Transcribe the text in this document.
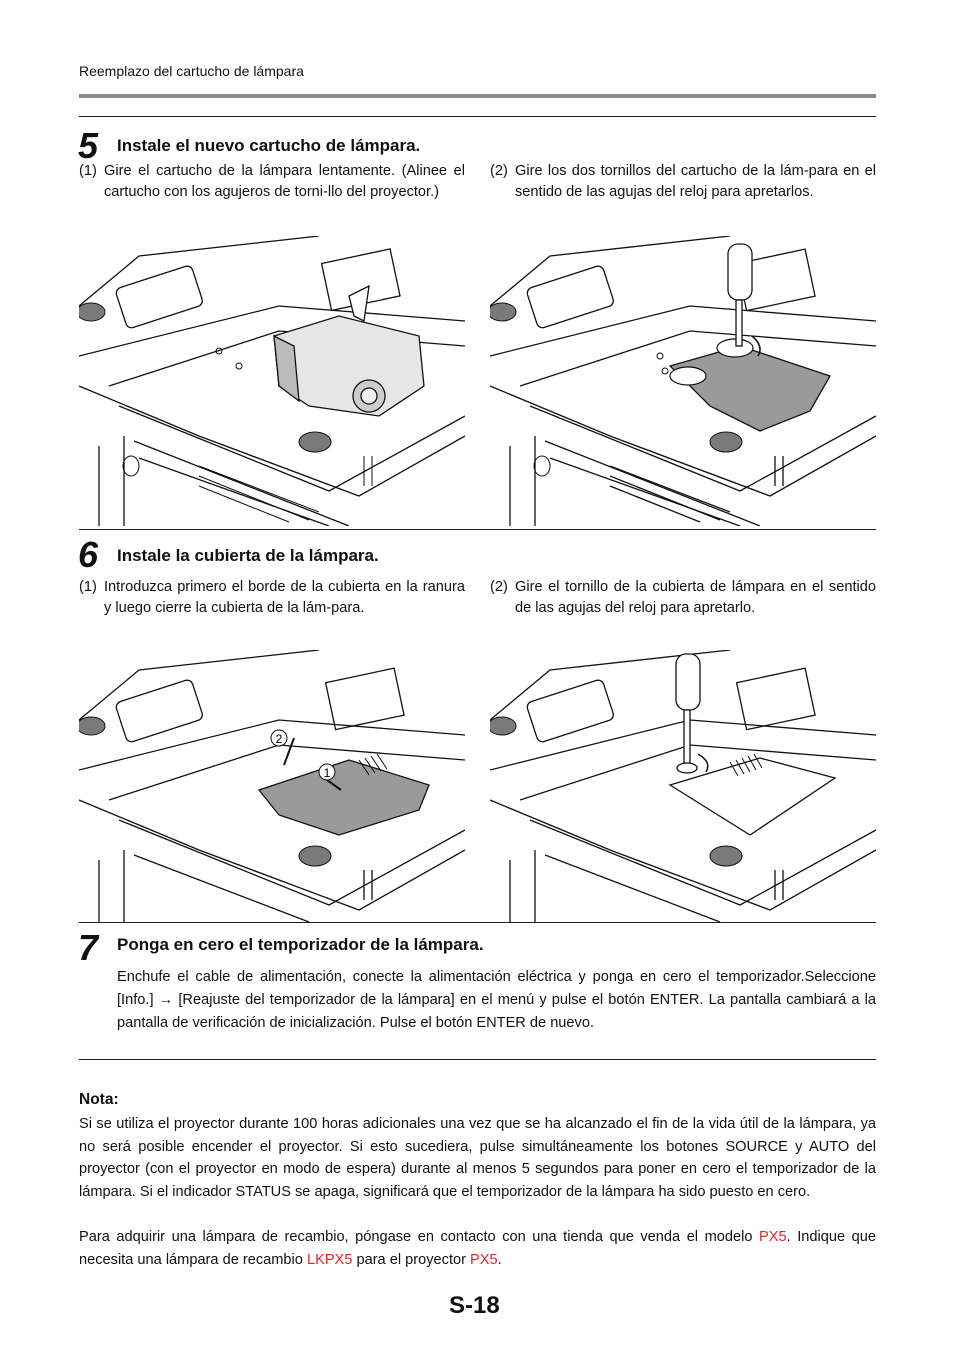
Reemplazo del cartucho de lámpara
5 Instale el nuevo cartucho de lámpara.
(1) Gire el cartucho de la lámpara lentamente. (Alinee el cartucho con los agujeros de torni-llo del proyector.)
(2) Gire los dos tornillos del cartucho de la lám-para en el sentido de las agujas del reloj para apretarlos.
6 Instale la cubierta de la lámpara.
(1) Introduzca primero el borde de la cubierta en la ranura y luego cierre la cubierta de la lám-para.
(2) Gire el tornillo de la cubierta de lámpara en el sentido de las agujas del reloj para apretarlo.
2
1
7 Ponga en cero el temporizador de la lámpara.
Enchufe el cable de alimentación, conecte la alimentación eléctrica y ponga en cero el temporizador.Seleccione [Info.] → [Reajuste del temporizador de la lámpara] en el menú y pulse el botón ENTER. La pantalla cambiará a la pantalla de verificación de inicialización. Pulse el botón ENTER de nuevo.
Nota:
Si se utiliza el proyector durante 100 horas adicionales una vez que se ha alcanzado el fin de la vida útil de la lámpara, ya no será posible encender el proyector. Si esto sucediera, pulse simultáneamente los botones SOURCE y AUTO del proyector (con el proyector en modo de espera) durante al menos 5 segundos para poner en cero el temporizador de la lámpara. Si el indicador STATUS se apaga, significará que el temporizador de la lámpara ha sido puesto en cero.
Para adquirir una lámpara de recambio, póngase en contacto con una tienda que venda el modelo PX5. Indique que necesita una lámpara de recambio LKPX5 para el proyector PX5.
S-18
